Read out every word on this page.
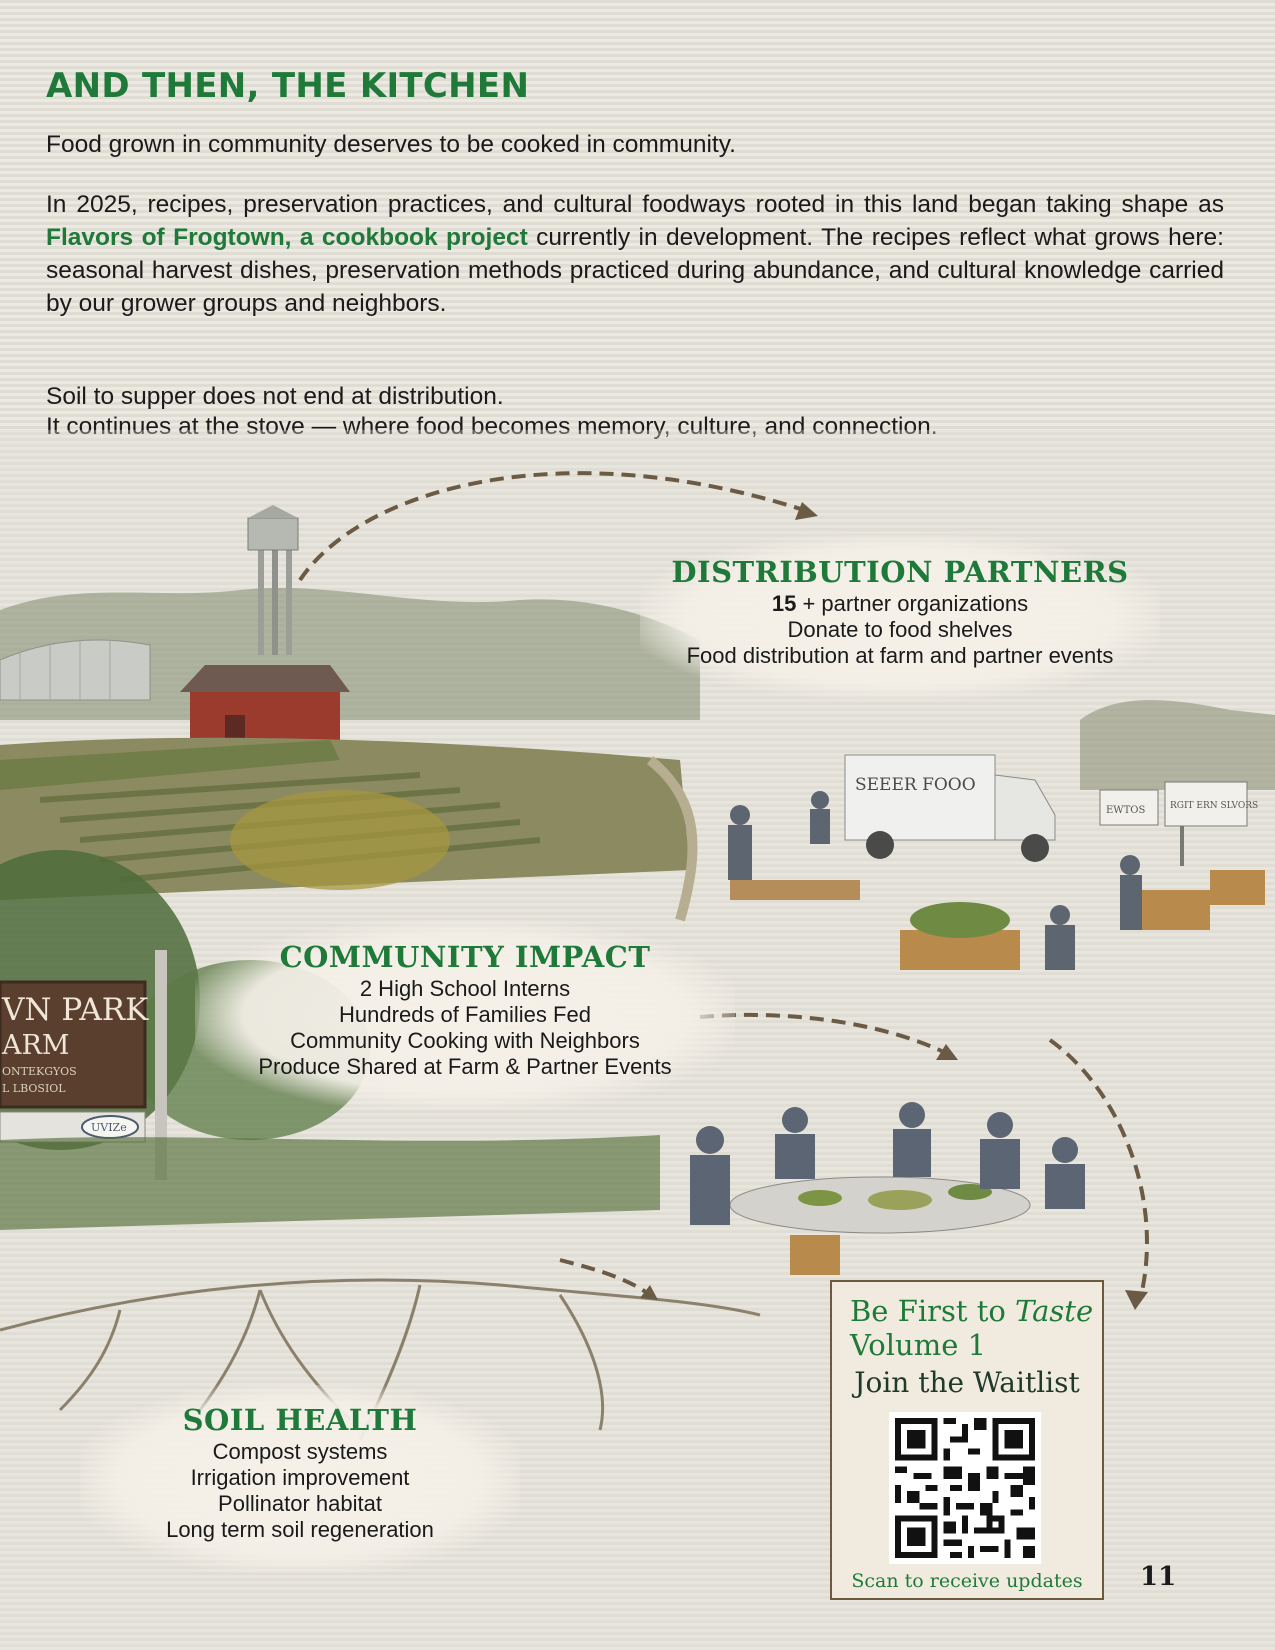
AND THEN, THE KITCHEN

Food grown in community deserves to be cooked in community.

In 2025, recipes, preservation practices, and cultural foodways rooted in this land began taking shape as Flavors of Frogtown, a cookbook project currently in development. The recipes reflect what grows here: seasonal harvest dishes, preservation methods practiced during abundance, and cultural knowledge carried by our grower groups and neighbors.

Soil to supper does not end at distribution.
It continues at the stove — where food becomes memory, culture, and connection.

SEEER FOOO
EWTOS	RGIT ERN SLVORS
VN PARK
ARM
ONTEKGYOS
L LBOSIOL
UVIZe
DISTRIBUTION PARTNERS
15 + partner organizations
Donate to food shelves
Food distribution at farm and partner events
COMMUNITY IMPACT
2 High School Interns
Hundreds of Families Fed
Community Cooking with Neighbors
Produce Shared at Farm & Partner Events
SOIL HEALTH
Compost systems
Irrigation improvement
Pollinator habitat
Long term soil regeneration
Be First to Taste
Volume 1
Join the Waitlist
Scan to receive updates	11
